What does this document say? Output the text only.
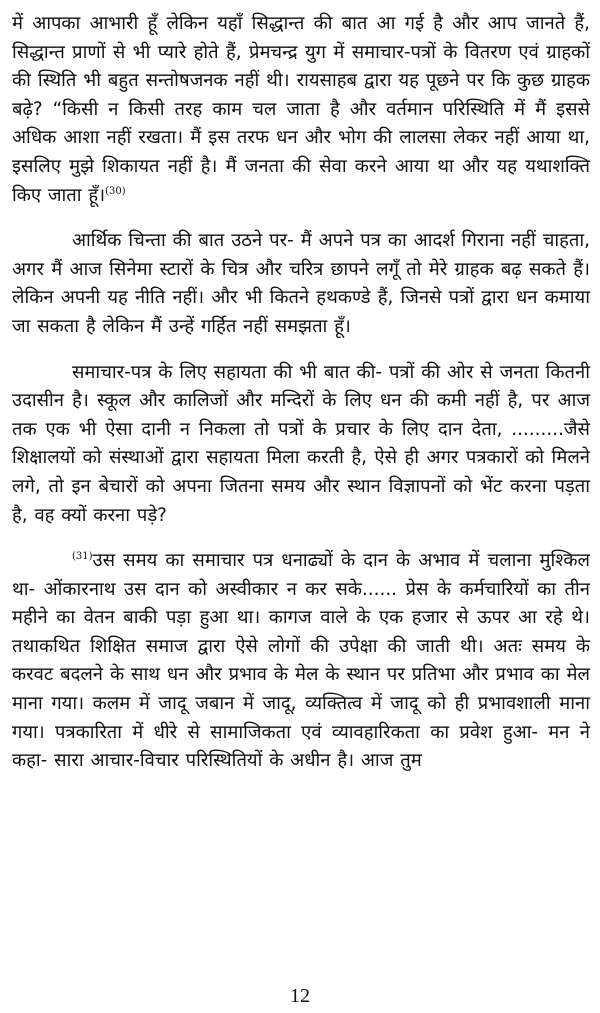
में आपका आभारी हूँ लेकिन यहाँ सिद्धान्त की बात आ गई है और आप जानते हैं, सिद्धान्त प्राणों से भी प्यारे होते हैं, प्रेमचन्द्र युग में समाचार-पत्रों के वितरण एवं ग्राहकों की स्थिति भी बहुत सन्तोषजनक नहीं थी। रायसाहब द्वारा यह पूछने पर कि कुछ ग्राहक बढ़े? “किसी न किसी तरह काम चल जाता है और वर्तमान परिस्थिति में मैं इससे अधिक आशा नहीं रखता। मैं इस तरफ धन और भोग की लालसा लेकर नहीं आया था, इसलिए मुझे शिकायत नहीं है। मैं जनता की सेवा करने आया था और यह यथाशक्ति किए जाता हूँ।$^{(30)}$

आर्थिक चिन्ता की बात उठने पर- मैं अपने पत्र का आदर्श गिराना नहीं चाहता, अगर मैं आज सिनेमा स्टारों के चित्र और चरित्र छापने लगूँ तो मेरे ग्राहक बढ़ सकते हैं। लेकिन अपनी यह नीति नहीं। और भी कितने हथकण्डे हैं, जिनसे पत्रों द्वारा धन कमाया जा सकता है लेकिन मैं उन्हें गर्हित नहीं समझता हूँ।

समाचार-पत्र के लिए सहायता की भी बात की- पत्रों की ओर से जनता कितनी उदासीन है। स्कूल और कालिजों और मन्दिरों के लिए धन की कमी नहीं है, पर आज तक एक भी ऐसा दानी न निकला तो पत्रों के प्रचार के लिए दान देता, .........जैसे शिक्षालयों को संस्थाओं द्वारा सहायता मिला करती है, ऐसे ही अगर पत्रकारों को मिलने लगे, तो इन बेचारों को अपना जितना समय और स्थान विज्ञापनों को भेंट करना पड़ता है, वह क्यों करना पड़े?

$^{(31)}$उस समय का समाचार पत्र धनाढ्यों के दान के अभाव में चलाना मुश्किल था- ओंकारनाथ उस दान को अस्वीकार न कर सके...... प्रेस के कर्मचारियों का तीन महीने का वेतन बाकी पड़ा हुआ था। कागज वाले के एक हजार से ऊपर आ रहे थे। तथाकथित शिक्षित समाज द्वारा ऐसे लोगों की उपेक्षा की जाती थी। अतः समय के करवट बदलने के साथ धन और प्रभाव के मेल के स्थान पर प्रतिभा और प्रभाव का मेल माना गया। कलम में जादू जबान में जादू, व्यक्तित्व में जादू को ही प्रभावशाली माना गया। पत्रकारिता में धीरे से सामाजिकता एवं व्यावहारिकता का प्रवेश हुआ- मन ने कहा- सारा आचार-विचार परिस्थितियों के अधीन है। आज तुम

12
